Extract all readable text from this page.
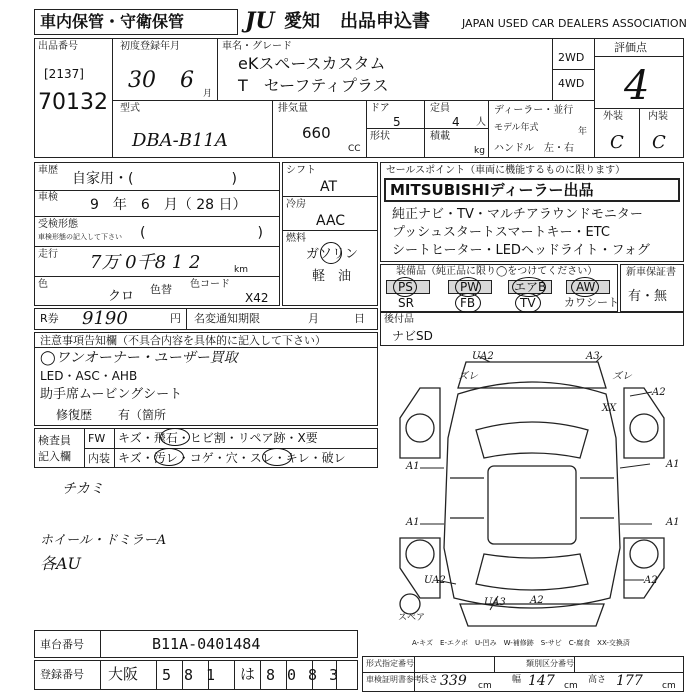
車内保管・守衛保管	JU 愛知 出品申込書	JAPAN USED CAR DEALERS ASSOCIATION
出品番号
[2137]
70132
初度登録年月
30 6
月
車名・グレード
eKスペースカスタム
T　セーフティプラス
2WD
4WD
型式
DBA-B11A
排気量
660
CC
ドア
5
形状
定員
4 人
積載
kg
ディーラー・並行
モデル年式	年
ハンドル　左・右
評価点
4
外装	内装
C C
車歴
自家用・(　　　　　　　)
車検 9　年　6　月（ 28 日）
受検形態
車検形態の記入して下さい (　　　　　　　　)
走行 7万 0千8 1 2	km
色
クロ 色替 色コード
X42
シフト
AT
冷房
AAC
燃料
ガソリン
軽　油
セールスポイント（車両に機能するものに限ります）
MITSUBISHIディーラー出品
純正ナビ・TV・マルチアラウンドモニター
プッシュスタートスマートキー・ETC
シートヒーター・LEDヘッドライト・フォグ
装備品（純正品に限り◯をつけてください）
PS	PW	エアB AW
SR	FB	TV	カワシート
新車保証書
有・無
R券 9190	円 名変通知期限	月	日 後付品
ナビSD
注意事項告知欄（不具合内容を具体的に記入して下さい）
◯ワンオーナー・ユーザー買取
LED・ASC・AHB
助手席ムービングシート
修復歴 有（箇所
検査員
記入欄
FW キズ・飛石・ヒビ割・リペア跡・X要
内装 キズ・汚レ・コゲ・穴・スレ・キレ・破レ
チカミ
ホイール・ドミラーA
各AU
UA2	A3
ズレ	ズレ
XX
A2
A1	A1
A1	A1
UA2	A2
UA3 A2
スペア
A-キズ　E-エクボ　U-凹み　W-補修跡　S-サビ　C-腐食　XX-交換済
車台番号	B11A-0401484
登録番号 大阪 581 は 8083
形式指定番号	類別区分番号
車検証明書参考
長さ 339 cm
幅 147 cm
高さ 177 cm
